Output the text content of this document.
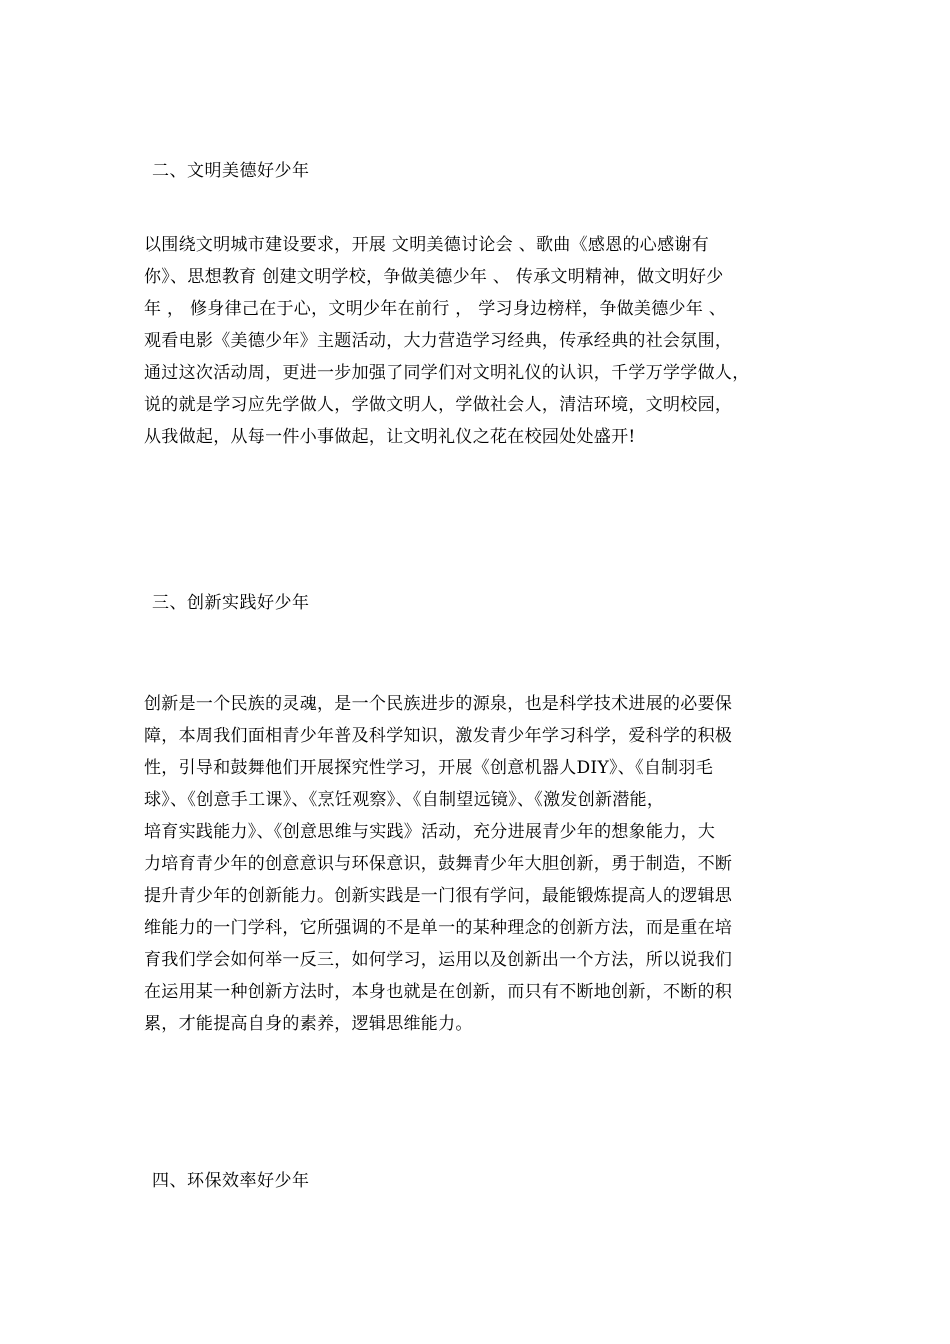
二、文明美德好少年
以围绕文明城市建设要求，开展 文明美德讨论会 、歌曲《感恩的心感谢有
你》、思想教育 创建文明学校，争做美德少年 、 传承文明精神，做文明好少
年 ， 修身律己在于心，文明少年在前行 ， 学习身边榜样，争做美德少年 、
观看电影《美德少年》主题活动，大力营造学习经典，传承经典的社会氛围，
通过这次活动周，更进一步加强了同学们对文明礼仪的认识，千学万学学做人，
说的就是学习应先学做人，学做文明人，学做社会人，清洁环境，文明校园，
从我做起，从每一件小事做起，让文明礼仪之花在校园处处盛开!
三、创新实践好少年
创新是一个民族的灵魂，是一个民族进步的源泉，也是科学技术进展的必要保
障，本周我们面相青少年普及科学知识，激发青少年学习科学，爱科学的积极
性，引导和鼓舞他们开展探究性学习，开展《创意机器人DIY》、《自制羽毛
球》、《创意手工课》、《烹饪观察》、《自制望远镜》、《激发创新潜能，
培育实践能力》、《创意思维与实践》活动，充分进展青少年的想象能力，大
力培育青少年的创意意识与环保意识，鼓舞青少年大胆创新，勇于制造，不断
提升青少年的创新能力。创新实践是一门很有学问，最能锻炼提高人的逻辑思
维能力的一门学科，它所强调的不是单一的某种理念的创新方法，而是重在培
育我们学会如何举一反三，如何学习，运用以及创新出一个方法，所以说我们
在运用某一种创新方法时，本身也就是在创新，而只有不断地创新，不断的积
累，才能提高自身的素养，逻辑思维能力。
四、环保效率好少年
